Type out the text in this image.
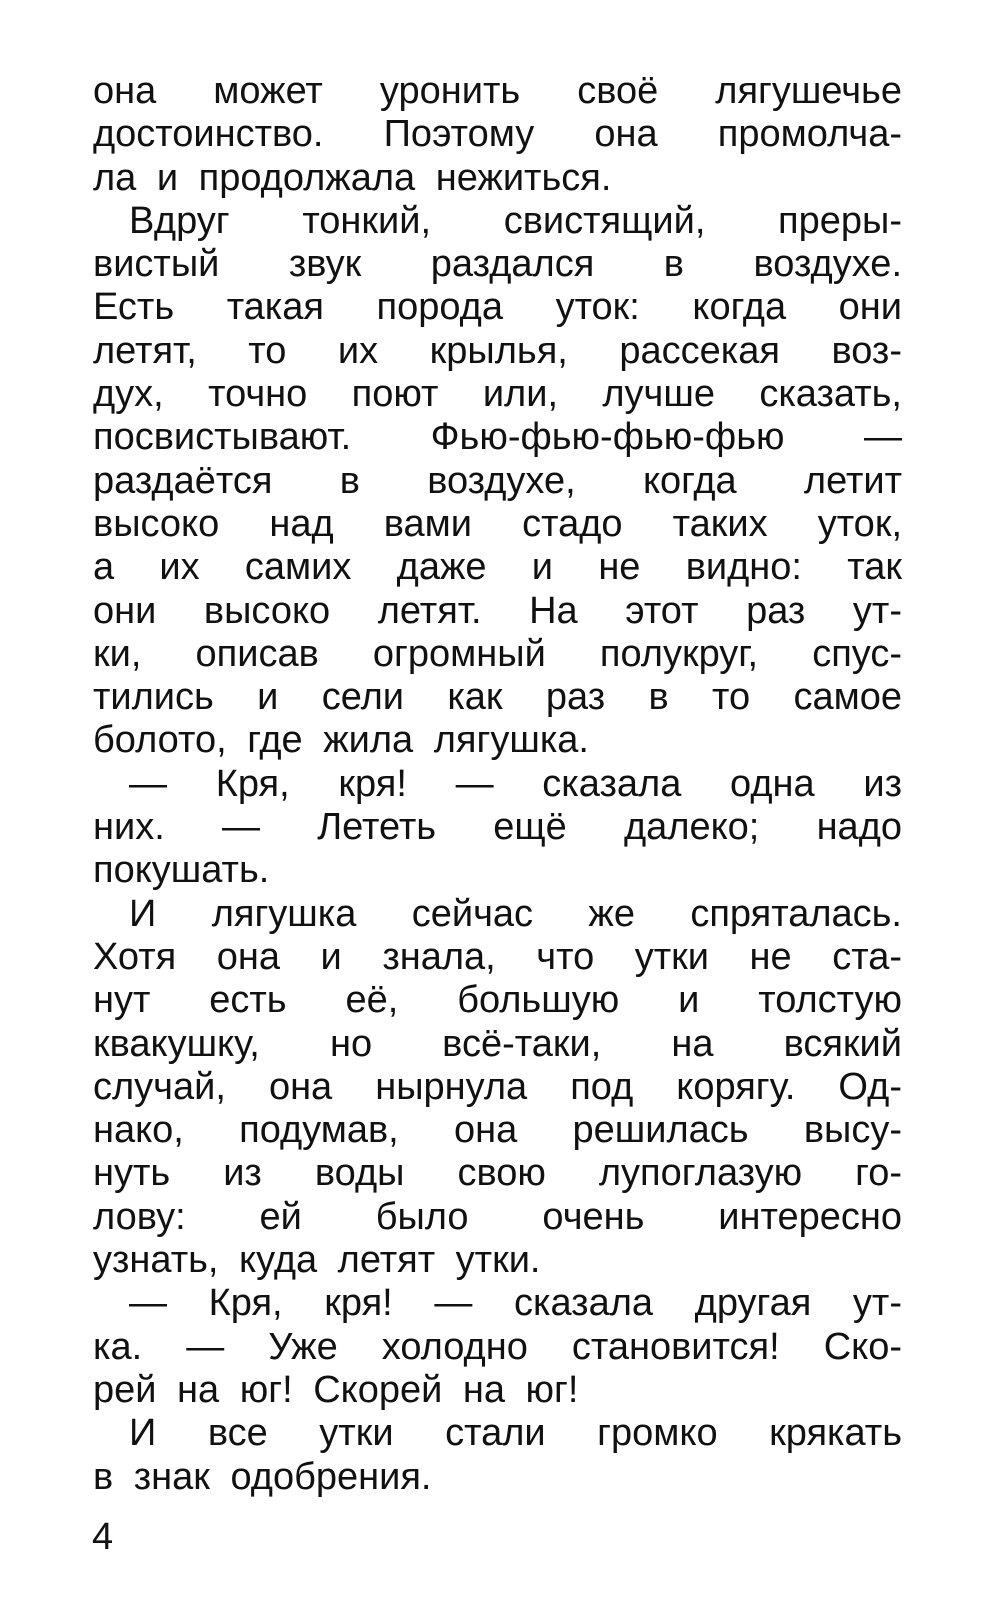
она может уронить своё лягушечье
достоинство. Поэтому она промолча-
ла и продолжала нежиться.
Вдруг тонкий, свистящий, преры-
вистый звук раздался в воздухе.
Есть такая порода уток: когда они
летят, то их крылья, рассекая воз-
дух, точно поют или, лучше сказать,
посвистывают. Фью-фью-фью-фью —
раздаётся в воздухе, когда летит
высоко над вами стадо таких уток,
а их самих даже и не видно: так
они высоко летят. На этот раз ут-
ки, описав огромный полукруг, спус-
тились и сели как раз в то самое
болото, где жила лягушка.
— Кря, кря! — сказала одна из
них. — Лететь ещё далеко; надо
покушать.
И лягушка сейчас же спряталась.
Хотя она и знала, что утки не ста-
нут есть её, большую и толстую
квакушку, но всё-таки, на всякий
случай, она нырнула под корягу. Од-
нако, подумав, она решилась высу-
нуть из воды свою лупоглазую го-
лову: ей было очень интересно
узнать, куда летят утки.
— Кря, кря! — сказала другая ут-
ка. — Уже холодно становится! Ско-
рей на юг! Скорей на юг!
И все утки стали громко крякать
в знак одобрения.
4
